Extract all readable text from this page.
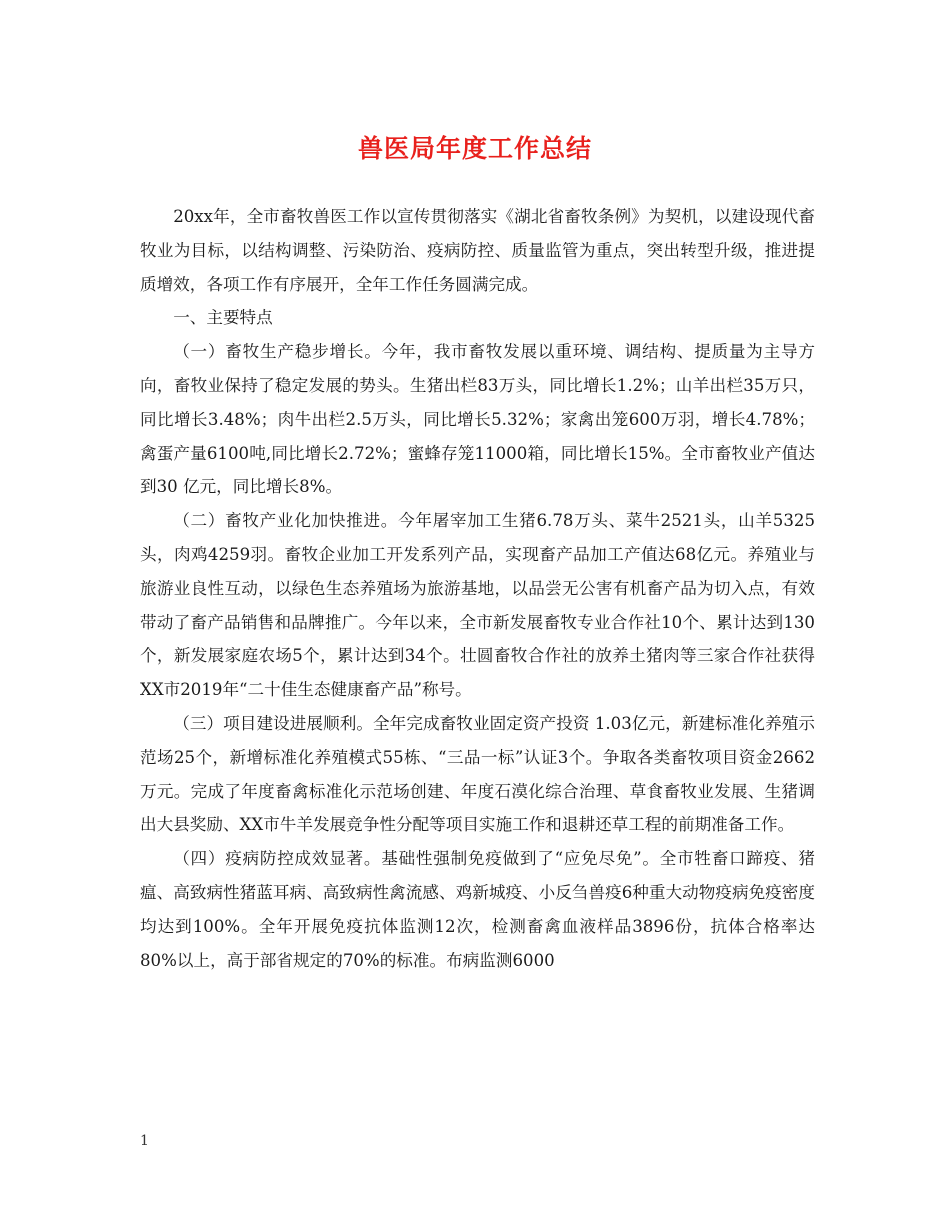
兽医局年度工作总结

20xx年，全市畜牧兽医工作以宣传贯彻落实《湖北省畜牧条例》为契机，以建设现代畜牧业为目标，以结构调整、污染防治、疫病防控、质量监管为重点，突出转型升级，推进提质增效，各项工作有序展开，全年工作任务圆满完成。

一、主要特点

（一）畜牧生产稳步增长。今年，我市畜牧发展以重环境、调结构、提质量为主导方向，畜牧业保持了稳定发展的势头。生猪出栏83万头，同比增长1.2%；山羊出栏35万只，同比增长3.48%；肉牛出栏2.5万头，同比增长5.32%；家禽出笼600万羽，增长4.78%；禽蛋产量6100吨,同比增长2.72%；蜜蜂存笼11000箱，同比增长15%。全市畜牧业产值达到30 亿元，同比增长8%。

（二）畜牧产业化加快推进。今年屠宰加工生猪6.78万头、菜牛2521头，山羊5325头，肉鸡4259羽。畜牧企业加工开发系列产品，实现畜产品加工产值达68亿元。养殖业与旅游业良性互动，以绿色生态养殖场为旅游基地，以品尝无公害有机畜产品为切入点，有效带动了畜产品销售和品牌推广。今年以来，全市新发展畜牧专业合作社10个、累计达到130个，新发展家庭农场5个，累计达到34个。壮圆畜牧合作社的放养土猪肉等三家合作社获得XX市2019年“二十佳生态健康畜产品”称号。

（三）项目建设进展顺利。全年完成畜牧业固定资产投资 1.03亿元，新建标准化养殖示范场25个，新增标准化养殖模式55栋、“三品一标”认证3个。争取各类畜牧项目资金2662万元。完成了年度畜禽标准化示范场创建、年度石漠化综合治理、草食畜牧业发展、生猪调出大县奖励、XX市牛羊发展竞争性分配等项目实施工作和退耕还草工程的前期准备工作。

（四）疫病防控成效显著。基础性强制免疫做到了“应免尽免”。全市牲畜口蹄疫、猪瘟、高致病性猪蓝耳病、高致病性禽流感、鸡新城疫、小反刍兽疫6种重大动物疫病免疫密度均达到100%。全年开展免疫抗体监测12次，检测畜禽血液样品3896份，抗体合格率达80%以上，高于部省规定的70%的标准。布病监测6000

1
